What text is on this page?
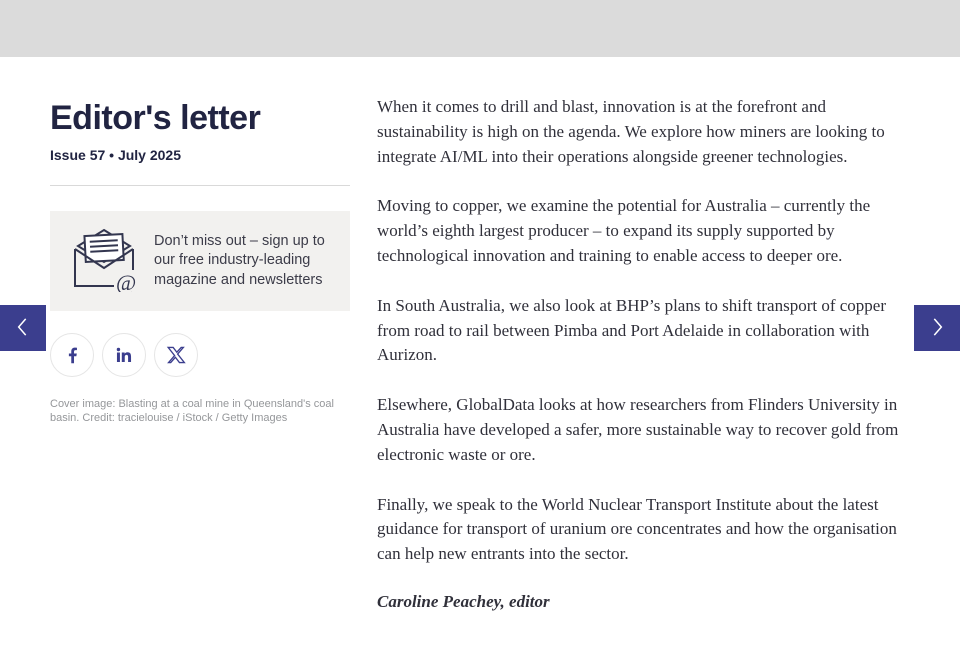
Editor's letter
Issue 57 • July 2025
@
Don’t miss out – sign up to our free industry-leading magazine and newsletters
Cover image: Blasting at a coal mine in Queensland's coal basin. Credit: tracielouise / iStock / Getty Images

When it comes to drill and blast, innovation is at the forefront and sustainability is high on the agenda. We explore how miners are looking to integrate AI/ML into their operations alongside greener technologies.

Moving to copper, we examine the potential for Australia – currently the world’s eighth largest producer – to expand its supply supported by technological innovation and training to enable access to deeper ore.

In South Australia, we also look at BHP’s plans to shift transport of copper from road to rail between Pimba and Port Adelaide in collaboration with Aurizon.

Elsewhere, GlobalData looks at how researchers from Flinders University in Australia have developed a safer, more sustainable way to recover gold from electronic waste or ore.

Finally, we speak to the World Nuclear Transport Institute about the latest guidance for transport of uranium ore concentrates and how the organisation can help new entrants into the sector.

Caroline Peachey, editor
